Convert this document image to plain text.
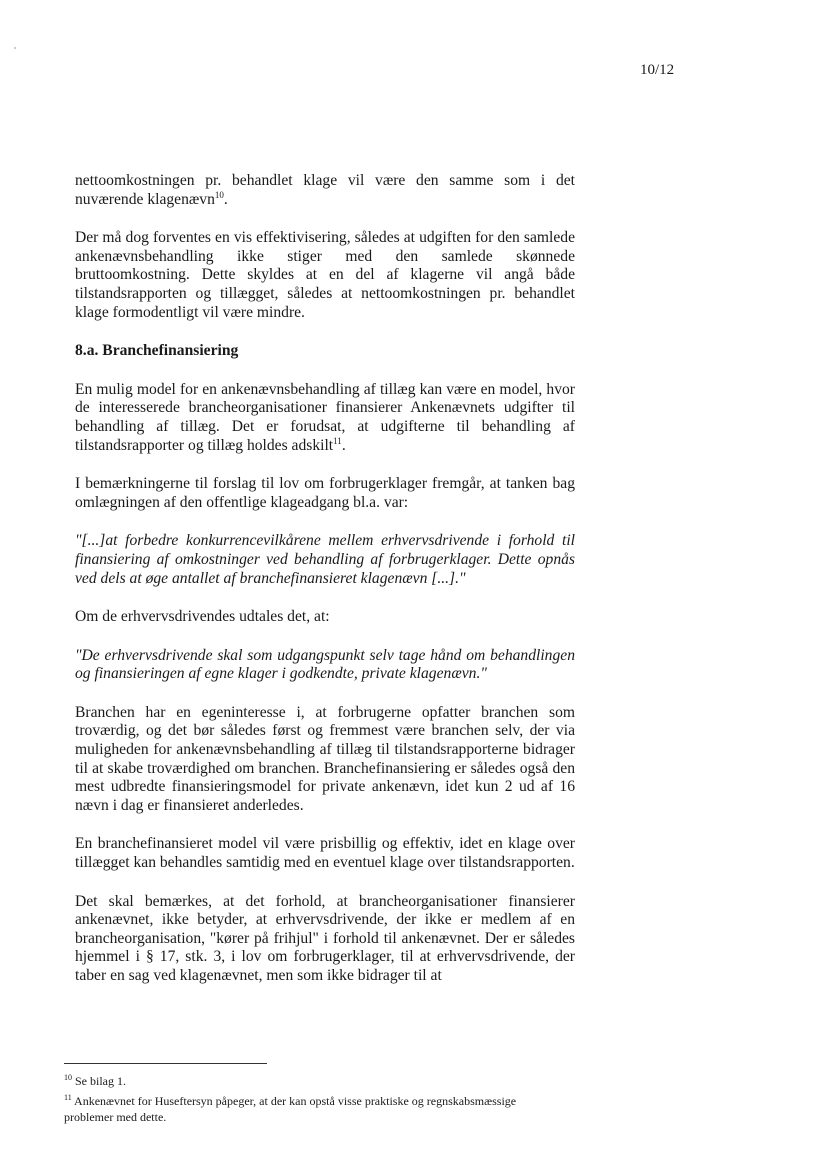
10/12

nettoomkostningen pr. behandlet klage vil være den samme som i det nuværende klagenævn$^{10}$.

Der må dog forventes en vis effektivisering, således at udgiften for den samlede ankenævnsbehandling ikke stiger med den samlede skønnede bruttoomkostning. Dette skyldes at en del af klagerne vil angå både tilstandsrapporten og tillægget, således at nettoomkostningen pr. behandlet klage formodentligt vil være mindre.

8.a. Branchefinansiering

En mulig model for en ankenævnsbehandling af tillæg kan være en model, hvor de interesserede brancheorganisationer finansierer Ankenævnets udgifter til behandling af tillæg. Det er forudsat, at udgifterne til behandling af tilstandsrapporter og tillæg holdes adskilt$^{11}$.

I bemærkningerne til forslag til lov om forbrugerklager fremgår, at tanken bag omlægningen af den offentlige klageadgang bl.a. var:

"[...]at forbedre konkurrencevilkårene mellem erhvervsdrivende i forhold til finansiering af omkostninger ved behandling af forbrugerklager. Dette opnås ved dels at øge antallet af branchefinansieret klagenævn [...]."

Om de erhvervsdrivendes udtales det, at:

"De erhvervsdrivende skal som udgangspunkt selv tage hånd om behandlingen og finansieringen af egne klager i godkendte, private klagenævn."

Branchen har en egeninteresse i, at forbrugerne opfatter branchen som troværdig, og det bør således først og fremmest være branchen selv, der via muligheden for ankenævnsbehandling af tillæg til tilstandsrapporterne bidrager til at skabe troværdighed om branchen. Branchefinansiering er således også den mest udbredte finansieringsmodel for private ankenævn, idet kun 2 ud af 16 nævn i dag er finansieret anderledes.

En branchefinansieret model vil være prisbillig og effektiv, idet en klage over tillægget kan behandles samtidig med en eventuel klage over tilstandsrapporten.

Det skal bemærkes, at det forhold, at brancheorganisationer finansierer ankenævnet, ikke betyder, at erhvervsdrivende, der ikke er medlem af en brancheorganisation, "kører på frihjul" i forhold til ankenævnet. Der er således hjemmel i § 17, stk. 3, i lov om forbrugerklager, til at erhvervsdrivende, der taber en sag ved klagenævnet, men som ikke bidrager til at

$^{10}$ Se bilag 1.

$^{11}$ Ankenævnet for Huseftersyn påpeger, at der kan opstå visse praktiske og regnskabsmæssige problemer med dette.
